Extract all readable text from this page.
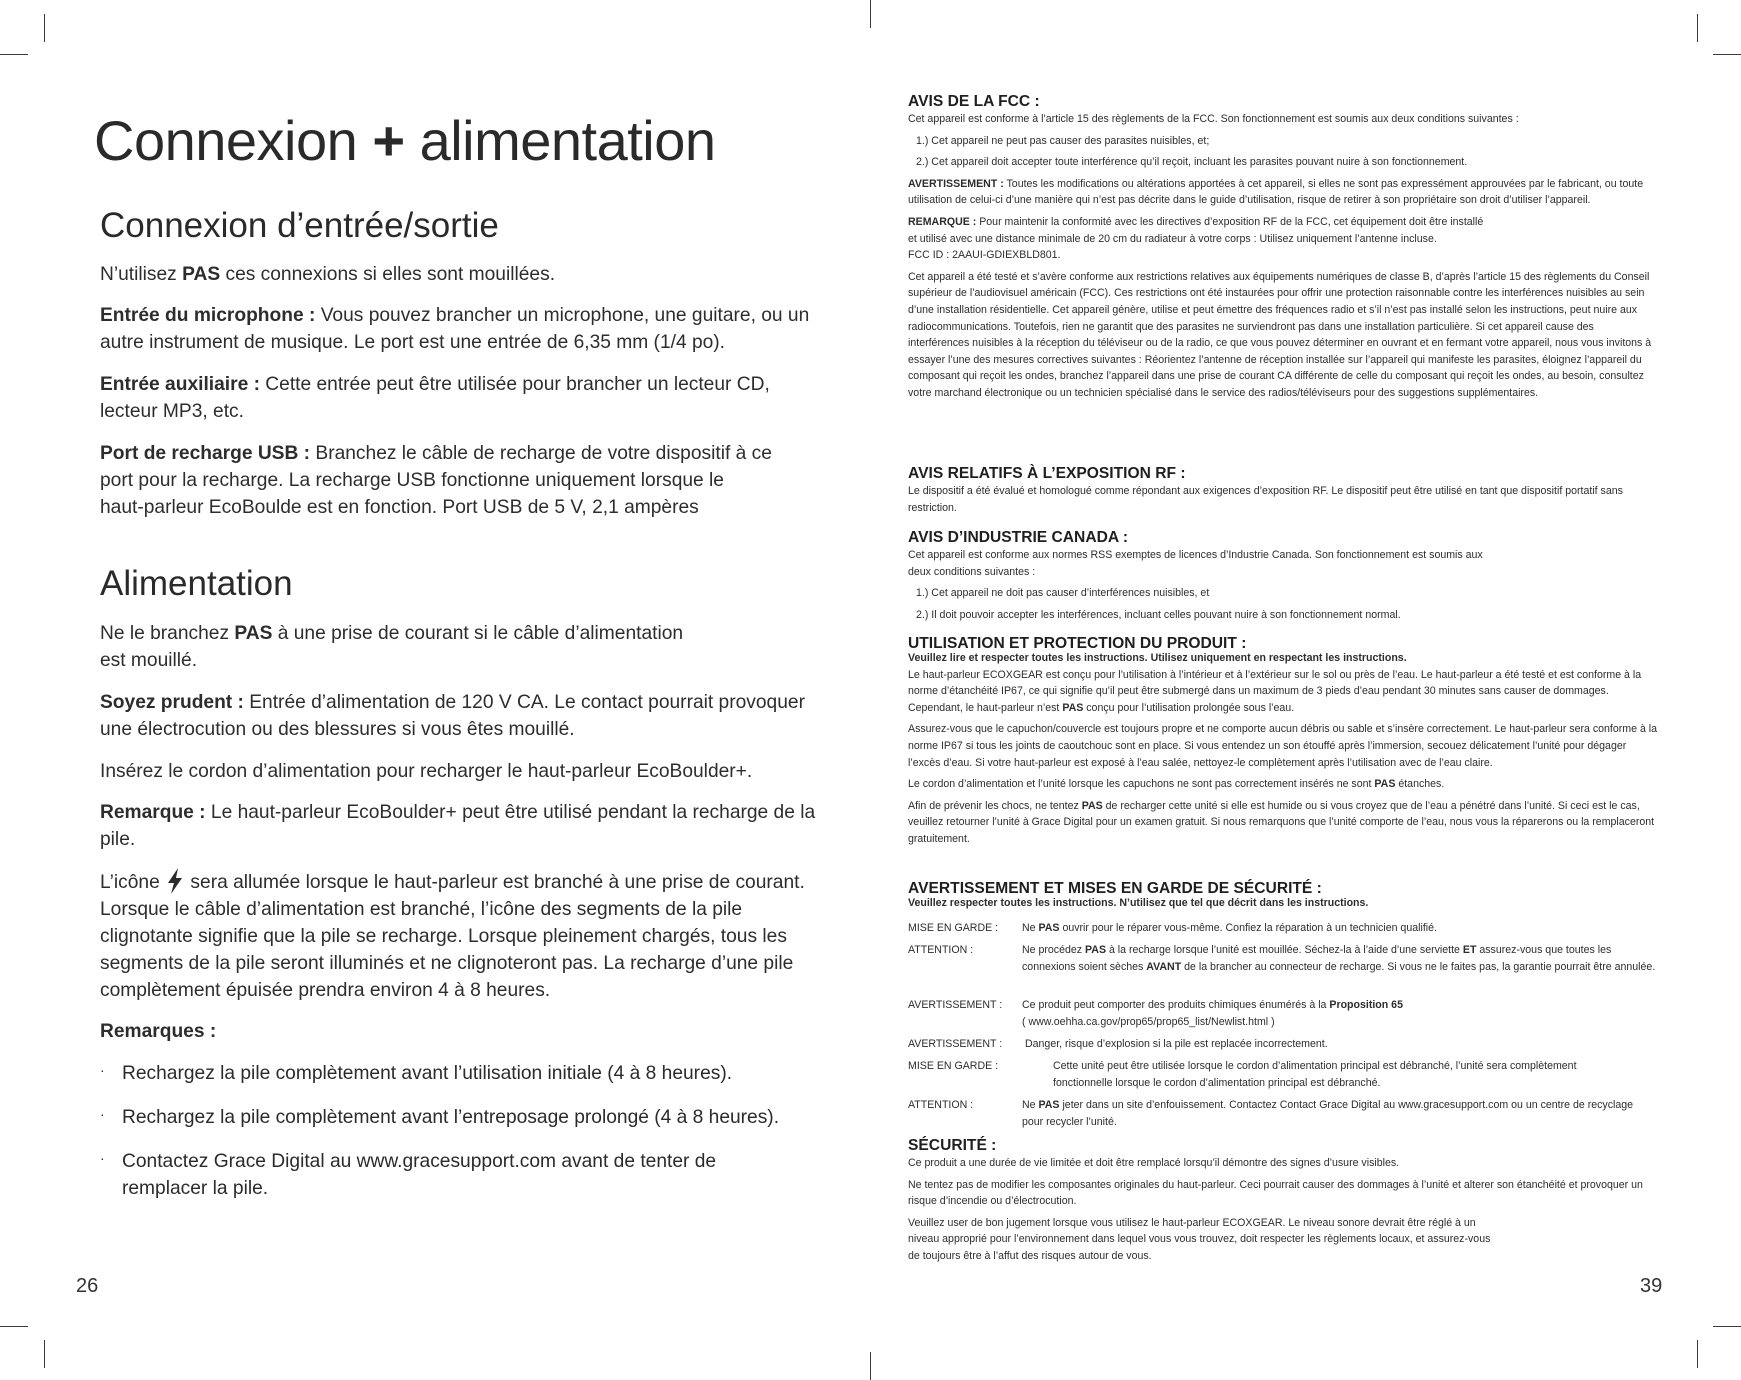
Connexion + alimentation
Connexion d’entrée/sortie
N’utilisez PAS ces connexions si elles sont mouillées.
Entrée du microphone : Vous pouvez brancher un microphone, une guitare, ou un autre instrument de musique. Le port est une entrée de 6,35 mm (1/4 po).
Entrée auxiliaire : Cette entrée peut être utilisée pour brancher un lecteur CD, lecteur MP3, etc.
Port de recharge USB : Branchez le câble de recharge de votre dispositif à ce
port pour la recharge. La recharge USB fonctionne uniquement lorsque le
haut-parleur EcoBoulde est en fonction. Port USB de 5 V, 2,1 ampères
Alimentation
Ne le branchez PAS à une prise de courant si le câble d’alimentation
est mouillé.
Soyez prudent : Entrée d’alimentation de 120 V CA. Le contact pourrait provoquer une électrocution ou des blessures si vous êtes mouillé.
Insérez le cordon d’alimentation pour recharger le haut-parleur EcoBoulder+.
Remarque : Le haut-parleur EcoBoulder+ peut être utilisé pendant la recharge de la pile.
L’icône  sera allumée lorsque le haut-parleur est branché à une prise de courant. Lorsque le câble d’alimentation est branché, l’icône des segments de la pile clignotante signifie que la pile se recharge. Lorsque pleinement chargés, tous les segments de la pile seront illuminés et ne clignoteront pas. La recharge d’une pile complètement épuisée prendra environ 4 à 8 heures.
Remarques :
· Rechargez la pile complètement avant l’utilisation initiale (4 à 8 heures).
· Rechargez la pile complètement avant l’entreposage prolongé (4 à 8 heures).
· Contactez Grace Digital au www.gracesupport.com avant de tenter de remplacer la pile.
26	39
AVIS DE LA FCC :
Cet appareil est conforme à l’article 15 des règlements de la FCC. Son fonctionnement est soumis aux deux conditions suivantes :
1.) Cet appareil ne peut pas causer des parasites nuisibles, et;
2.) Cet appareil doit accepter toute interférence qu’il reçoit, incluant les parasites pouvant nuire à son fonctionnement.
AVERTISSEMENT : Toutes les modifications ou altérations apportées à cet appareil, si elles ne sont pas expressément approuvées par le fabricant, ou toute utilisation de celui-ci d’une manière qui n’est pas décrite dans le guide d’utilisation, risque de retirer à son propriétaire son droit d’utiliser l’appareil.
REMARQUE : Pour maintenir la conformité avec les directives d’exposition RF de la FCC, cet équipement doit être installé
et utilisé avec une distance minimale de 20 cm du radiateur à votre corps : Utilisez uniquement l’antenne incluse.
FCC ID : 2AAUI-GDIEXBLD801.
Cet appareil a été testé et s’avère conforme aux restrictions relatives aux équipements numériques de classe B, d’après l’article 15 des règlements du Conseil supérieur de l’audiovisuel américain (FCC). Ces restrictions ont été instaurées pour offrir une protection raisonnable contre les interférences nuisibles au sein d’une installation résidentielle. Cet appareil génère, utilise et peut émettre des fréquences radio et s’il n’est pas installé selon les instructions, peut nuire aux radiocommunications. Toutefois, rien ne garantit que des parasites ne surviendront pas dans une installation particulière. Si cet appareil cause des interférences nuisibles à la réception du téléviseur ou de la radio, ce que vous pouvez déterminer en ouvrant et en fermant votre appareil, nous vous invitons à essayer l’une des mesures correctives suivantes : Réorientez l’antenne de réception installée sur l’appareil qui manifeste les parasites, éloignez l’appareil du composant qui reçoit les ondes, branchez l’appareil dans une prise de courant CA différente de celle du composant qui reçoit les ondes, au besoin, consultez votre marchand électronique ou un technicien spécialisé dans le service des radios/téléviseurs pour des suggestions supplémentaires.
AVIS RELATIFS À L’EXPOSITION RF :
Le dispositif a été évalué et homologué comme répondant aux exigences d’exposition RF. Le dispositif peut être utilisé en tant que dispositif portatif sans restriction.
AVIS D’INDUSTRIE CANADA :
Cet appareil est conforme aux normes RSS exemptes de licences d’Industrie Canada. Son fonctionnement est soumis aux
deux conditions suivantes :
1.) Cet appareil ne doit pas causer d’interférences nuisibles, et
2.) Il doit pouvoir accepter les interférences, incluant celles pouvant nuire à son fonctionnement normal.
UTILISATION ET PROTECTION DU PRODUIT :
Veuillez lire et respecter toutes les instructions. Utilisez uniquement en respectant les instructions.
Le haut-parleur ECOXGEAR est conçu pour l’utilisation à l’intérieur et à l’extérieur sur le sol ou près de l’eau. Le haut-parleur a été testé et est conforme à la norme d’étanchéité IP67, ce qui signifie qu’il peut être submergé dans un maximum de 3 pieds d’eau pendant 30 minutes sans causer de dommages. Cependant, le haut-parleur n’est PAS conçu pour l’utilisation prolongée sous l’eau.
Assurez-vous que le capuchon/couvercle est toujours propre et ne comporte aucun débris ou sable et s’insère correctement. Le haut-parleur sera conforme à la norme IP67 si tous les joints de caoutchouc sont en place. Si vous entendez un son étouffé après l’immersion, secouez délicatement l’unité pour dégager l’excès d’eau. Si votre haut-parleur est exposé à l’eau salée, nettoyez-le complètement après l’utilisation avec de l’eau claire.
Le cordon d’alimentation et l’unité lorsque les capuchons ne sont pas correctement insérés ne sont PAS étanches.
Afin de prévenir les chocs, ne tentez PAS de recharger cette unité si elle est humide ou si vous croyez que de l’eau a pénétré dans l’unité. Si ceci est le cas, veuillez retourner l’unité à Grace Digital pour un examen gratuit. Si nous remarquons que l’unité comporte de l’eau, nous vous la réparerons ou la remplaceront gratuitement.
AVERTISSEMENT ET MISES EN GARDE DE SÉCURITÉ :
Veuillez respecter toutes les instructions. N’utilisez que tel que décrit dans les instructions.
MISE EN GARDE : Ne PAS ouvrir pour le réparer vous-même. Confiez la réparation à un technicien qualifié.
ATTENTION :	Ne procédez PAS à la recharge lorsque l’unité est mouillée. Séchez-la à l’aide d’une serviette ET assurez-vous que toutes les connexions soient sèches AVANT de la brancher au connecteur de recharge. Si vous ne le faites pas, la garantie pourrait être annulée.
AVERTISSEMENT : Ce produit peut comporter des produits chimiques énumérés à la Proposition 65
( www.oehha.ca.gov/prop65/prop65_list/Newlist.html )
AVERTISSEMENT : Danger, risque d’explosion si la pile est replacée incorrectement.
MISE EN GARDE :	Cette unité peut être utilisée lorsque le cordon d’alimentation principal est débranché, l’unité sera complètement fonctionnelle lorsque le cordon d’alimentation principal est débranché.
ATTENTION :	Ne PAS jeter dans un site d’enfouissement. Contactez Contact Grace Digital au www.gracesupport.com ou un centre de recyclage pour recycler l’unité.
SÉCURITÉ :
Ce produit a une durée de vie limitée et doit être remplacé lorsqu’il démontre des signes d’usure visibles.
Ne tentez pas de modifier les composantes originales du haut-parleur. Ceci pourrait causer des dommages à l’unité et alterer son étanchéité et provoquer un risque d’incendie ou d’électrocution.
Veuillez user de bon jugement lorsque vous utilisez le haut-parleur ECOXGEAR. Le niveau sonore devrait être réglé à un
niveau approprié pour l’environnement dans lequel vous vous trouvez, doit respecter les règlements locaux, et assurez-vous
de toujours être à l’affut des risques autour de vous.
